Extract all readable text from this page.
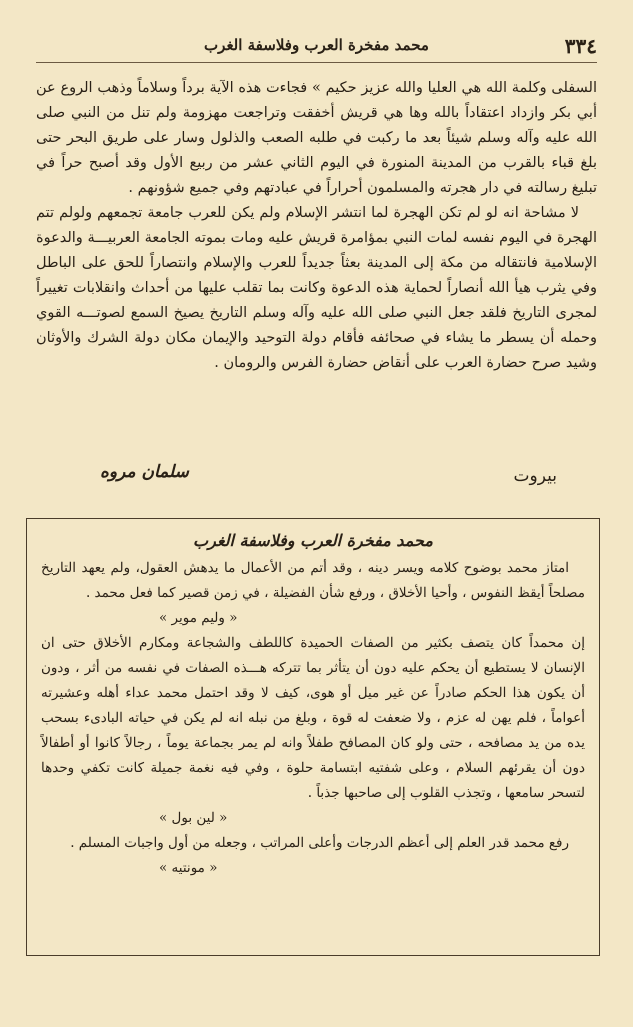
٣٣٤
محمد مفخرة العرب وفلاسفة الغرب

السفلى وكلمة الله هي العليا والله عزيز حكيم » فجاءت هذه الآية برداً وسلاماً وذهب الروع عن أبي بكر وازداد اعتقاداً بالله وها هي قريش أخفقت وتراجعت مهزومة ولم تنل من النبي صلى الله عليه وآله وسلم شيئاً بعد ما ركبت في طلبه الصعب والذلول وسار على طريق البحر حتى بلغ قباء بالقرب من المدينة المنورة في اليوم الثاني عشر من ربيع الأول وقد أصبح حراً في تبليغ رسالته في دار هجرته والمسلمون أحراراً في عبادتهم وفي جميع شؤونهم .

لا مشاحة انه لو لم تكن الهجرة لما انتشر الإسلام ولم يكن للعرب جامعة تجمعهم ولولم تتم الهجرة في اليوم نفسه لمات النبي بمؤامرة قريش عليه ومات بموته الجامعة العربيـــة والدعوة الإسلامية فانتقاله من مكة إلى المدينة بعثاً جديداً للعرب والإسلام وانتصاراً للحق على الباطل وفي يثرب هيأ الله أنصاراً لحماية هذه الدعوة وكانت بما تقلب عليها من أحداث وانقلابات تغييراً لمجرى التاريخ فلقد جعل النبي صلى الله عليه وآله وسلم التاريخ يصيخ السمع لصوتـــه القوي وحمله أن يسطر ما يشاء في صحائفه فأقام دولة التوحيد والإيمان مكان دولة الشرك والأوثان وشيد صرح حضارة العرب على أنقاض حضارة الفرس والرومان .

بيروت
سلمان مروه
محمد مفخرة العرب وفلاسفة الغرب

امتاز محمد بوضوح كلامه ويسر دينه ، وقد أتم من الأعمال ما يدهش العقول، ولم يعهد التاريخ مصلحاً أيقظ النفوس ، وأحيا الأخلاق ، ورفع شأن الفضيلة ، في زمن قصير كما فعل محمد .

« وليم موير »

إن محمداً كان يتصف بكثير من الصفات الحميدة كاللطف والشجاعة ومكارم الأخلاق حتى ان الإنسان لا يستطيع أن يحكم عليه دون أن يتأثر بما تتركه هـــذه الصفات في نفسه من أثر ، ودون أن يكون هذا الحكم صادراً عن غير ميل أو هوى، كيف لا وقد احتمل محمد عداء أهله وعشيرته أعواماً ، فلم يهن له عزم ، ولا ضعفت له قوة ، وبلغ من نبله انه لم يكن في حياته البادىء بسحب يده من يد مصافحه ، حتى ولو كان المصافح طفلاً وانه لم يمر بجماعة يوماً ، رجالاً كانوا أو أطفالاً دون أن يقرئهم السلام ، وعلى شفتيه ابتسامة حلوة ، وفي فيه نغمة جميلة كانت تكفي وحدها لتسحر سامعها ، وتجذب القلوب إلى صاحبها جذباً .

« لين بول »

رفع محمد قدر العلم إلى أعظم الدرجات وأعلى المراتب ، وجعله من أول واجبات المسلم .

« مونتيه »
